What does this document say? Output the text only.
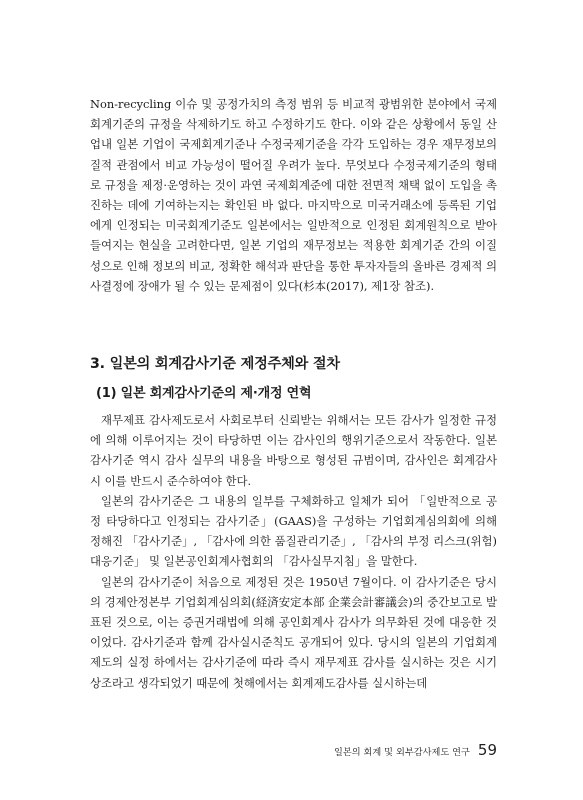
Non-recycling 이슈 및 공정가치의 측정 범위 등 비교적 광범위한 분야에서 국제회계기준의 규정을 삭제하기도 하고 수정하기도 한다. 이와 같은 상황에서 동일 산업내 일본 기업이 국제회계기준나 수정국제기준을 각각 도입하는 경우 재무정보의 질적 관점에서 비교 가능성이 떨어질 우려가 높다. 무엇보다 수정국제기준의 형태로 규정을 제정·운영하는 것이 과연 국제회계준에 대한 전면적 채택 없이 도입을 촉진하는 데에 기여하는지는 확인된 바 없다. 마지막으로 미국거래소에 등록된 기업에게 인정되는 미국회계기준도 일본에서는 일반적으로 인정된 회계원칙으로 받아들여지는 현실을 고려한다면, 일본 기업의 재무정보는 적용한 회계기준 간의 이질성으로 인해 정보의 비교, 정확한 해석과 판단을 통한 투자자들의 올바른 경제적 의사결정에 장애가 될 수 있는 문제점이 있다(杉本(2017), 제1장 참조).

3. 일본의 회계감사기준 제정주체와 절차
(1) 일본 회계감사기준의 제·개정 연혁

재무제표 감사제도로서 사회로부터 신뢰받는 위해서는 모든 감사가 일정한 규정에 의해 이루어지는 것이 타당하면 이는 감사인의 행위기준으로서 작동한다. 일본 감사기준 역시 감사 실무의 내용을 바탕으로 형성된 규범이며, 감사인은 회계감사 시 이를 반드시 준수하여야 한다.

일본의 감사기준은 그 내용의 일부를 구체화하고 일체가 되어 「일반적으로 공정 타당하다고 인정되는 감사기준」(GAAS)을 구성하는 기업회계심의회에 의해 정해진 「감사기준」, 「감사에 의한 품질관리기준」, 「감사의 부정 리스크(위험) 대응기준」 및 일본공인회계사협회의 「감사실무지침」을 말한다.

일본의 감사기준이 처음으로 제정된 것은 1950년 7월이다. 이 감사기준은 당시의 경제안정본부 기업회계심의회(経済安定本部 企業会計審議会)의 중간보고로 발표된 것으로, 이는 증권거래법에 의해 공인회계사 감사가 의무화된 것에 대응한 것이었다. 감사기준과 함께 감사실시준칙도 공개되어 있다. 당시의 일본의 기업회계제도의 실정 하에서는 감사기준에 따라 즉시 재무제표 감사를 실시하는 것은 시기상조라고 생각되었기 때문에 첫해에서는 회계제도감사를 실시하는데

일본의 회계 및 외부감사제도 연구 59
